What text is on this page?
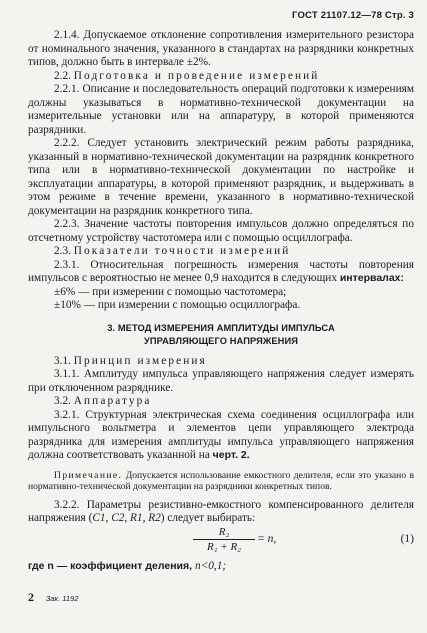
ГОСТ 21107.12—78 Стр. 3

2.1.4. Допускаемое отклонение сопротивления измерительного резистора от номинального значения, указанного в стандартах на разрядники конкретных типов, должно быть в интервале ±2%.

2.2. Подготовка и проведение измерений

2.2.1. Описание и последовательность операций подготовки к измерениям должны указываться в нормативно-технической документации на измерительные установки или на аппаратуру, в которой применяются разрядники.

2.2.2. Следует установить электрический режим работы разрядника, указанный в нормативно-технической документации на разрядник конкретного типа или в нормативно-технической документации по настройке и эксплуатации аппаратуры, в которой применяют разрядник, и выдерживать в этом режиме в течение времени, указанного в нормативно-технической документации на разрядник конкретного типа.

2.2.3. Значение частоты повторения импульсов должно определяться по отсчетному устройству частотомера или с помощью осциллографа.

2.3. Показатели точности измерений

2.3.1. Относительная погрешность измерения частоты повторения импульсов с вероятностью не менее 0,9 находится в следующих интервалах:

±6% — при измерении с помощью частотомера;

±10% — при измерении с помощью осциллографа.

3. МЕТОД ИЗМЕРЕНИЯ АМПЛИТУДЫ ИМПУЛЬСА
УПРАВЛЯЮЩЕГО НАПРЯЖЕНИЯ

3.1. Принцип измерения

3.1.1. Амплитуду импульса управляющего напряжения следует измерять при отключенном разряднике.

3.2. Аппаратура

3.2.1. Структурная электрическая схема соединения осциллографа или импульсного вольтметра и элементов цепи управляющего электрода разрядника для измерения амплитуды импульса управляющего напряжения должна соответствовать указанной на черт. 2.

Примечание. Допускается использование емкостного делителя, если это указано в нормативно-технической документации на разрядники конкретных типов.

3.2.2. Параметры резистивно-емкостного компенсированного делителя напряжения (C1, C2, R1, R2) следует выбирать:

$\frac{\text{R₂}}{\text{R₁ + R₂}} = n$,	(1)

где n — коэффициент деления, n<0,1;

2 Зак. 1192
